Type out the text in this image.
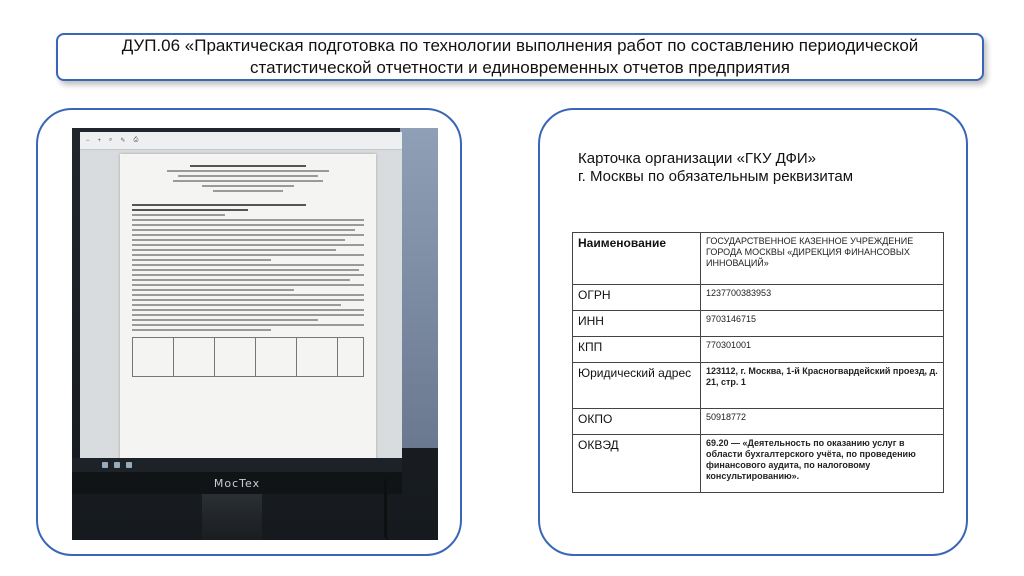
ДУП.06 «Практическая подготовка по технологии выполнения работ по составлению периодической статистической отчетности и единовременных отчетов предприятия
− + ⌕ ✎ ⎙
MocTex
Карточка организации «ГКУ ДФИ»
г. Москвы по обязательным реквизитам
Наименование	ГОСУДАРСТВЕННОЕ КАЗЕННОЕ УЧРЕЖДЕНИЕ ГОРОДА МОСКВЫ «ДИРЕКЦИЯ ФИНАНСОВЫХ ИННОВАЦИЙ»
ОГРН	1237700383953
ИНН	9703146715
КПП	770301001
Юридический адрес	123112, г. Москва, 1-й Красногвардейский проезд, д. 21, стр. 1
ОКПО	50918772
ОКВЭД	69.20 — «Деятельность по оказанию услуг в области бухгалтерского учёта, по проведению финансового аудита, по налоговому консультированию».
